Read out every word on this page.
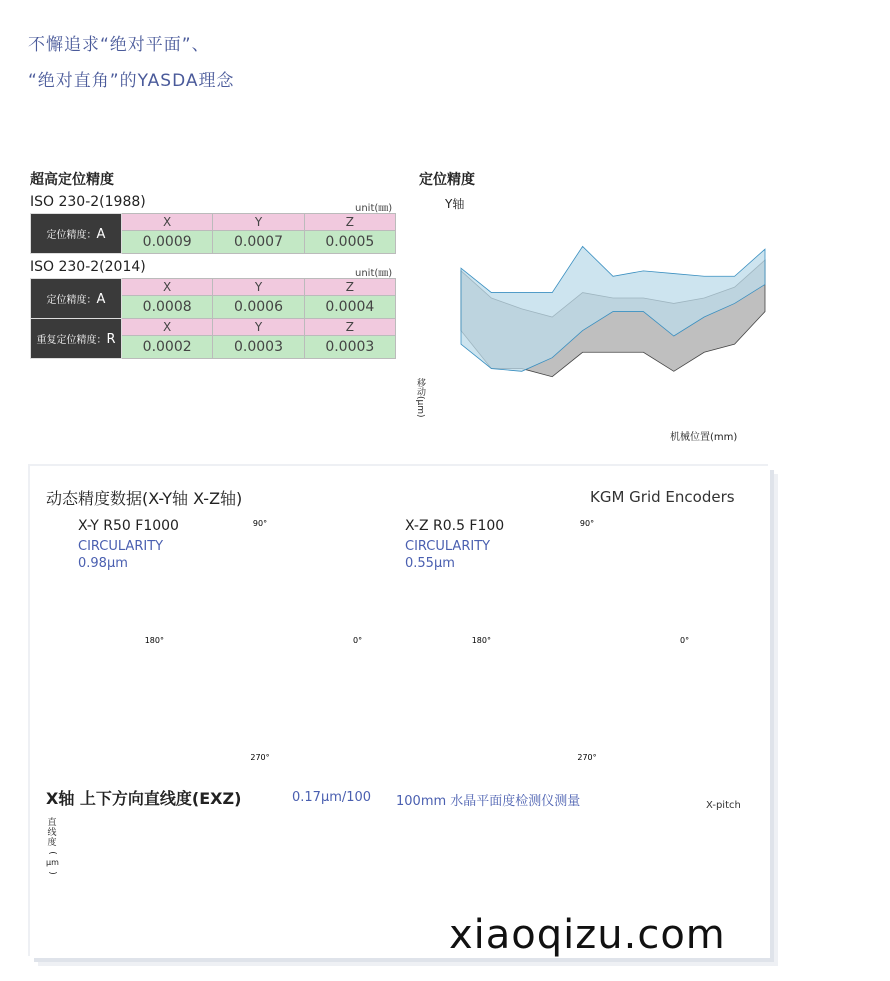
不懈追求“绝对平面”、
“绝对直角”的YASDA理念
超高定位精度
ISO 230-2(1988)	unit(㎜)
定位精度：A	X	Y	Z
	0.0009	0.0007	0.0005
ISO 230-2(2014)	unit(㎜)
定位精度：A	X	Y	Z
	0.0008	0.0006	0.0004
重复定位精度：R	X	Y	Z
	0.0002	0.0003	0.0003
定位精度
Y轴
移动(μm)
机械位置(mm)
动态精度数据(X-Y轴 X-Z轴)	KGM Grid Encoders
X-Y R50 F1000
CIRCULARITY
0.98μm
X-Z R0.5 F100
CIRCULARITY
0.55μm
90°
180°	0°
270°
90°
180°	0°
270°
X轴 上下方向直线度(EXZ)	0.17μm/100 100mm 水晶平面度检测仪测量	X-pitch
直
线
度
(
μm
)
xiaoqizu.com
